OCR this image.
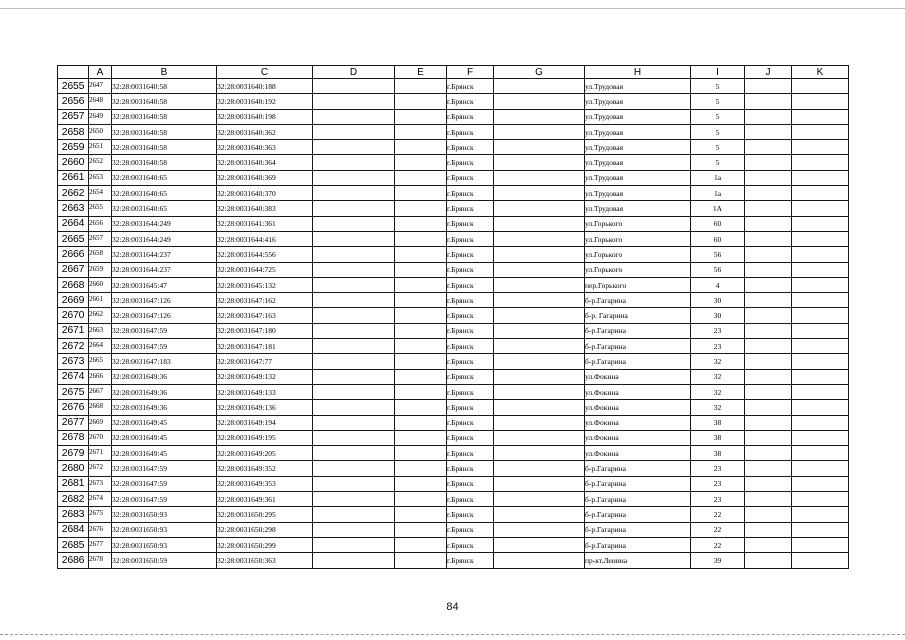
	A	B	C	D	E	F	G	H	I	J	K	
2655	2647	32:28:0031640:58	32:28:0031640:188			г.Брянск		ул.Трудовая	5			
2656	2648	32:28:0031640:58	32:28:0031640:192			г.Брянск		ул.Трудовая	5			
2657	2649	32:28:0031640:58	32:28:0031640:198			г.Брянск		ул.Трудовая	5			
2658	2650	32:28:0031640:58	32:28:0031640:362			г.Брянск		ул.Трудовая	5			
2659	2651	32:28:0031640:58	32:28:0031640:363			г.Брянск		ул.Трудовая	5			
2660	2652	32:28:0031640:58	32:28:0031640:364			г.Брянск		ул.Трудовая	5			
2661	2653	32:28:0031640:65	32:28:0031640:369			г.Брянск		ул.Трудовая	1а			
2662	2654	32:28:0031640:65	32:28:0031640:370			г.Брянск		ул.Трудовая	1а			
2663	2655	32:28:0031640:65	32:28:0031640:383			г.Брянск		ул.Трудовая	1А			
2664	2656	32:28:0031644:249	32:28:0031641:361			г.Брянск		ул.Горького	60			
2665	2657	32:28:0031644:249	32:28:0031644:416			г.Брянск		ул.Горького	60			
2666	2658	32:28:0031644:237	32:28:0031644:556			г.Брянск		ул.Горького	56			
2667	2659	32:28:0031644:237	32:28:0031644:725			г.Брянск		ул.Горького	56			
2668	2660	32:28:0031645:47	32:28:0031645:132			г.Брянск		пер.Горького	4			
2669	2661	32:28:0031647:126	32:28:0031647:162			г.Брянск		б-р.Гагарина	30			
2670	2662	32:28:0031647:126	32:28:0031647:163			г.Брянск		б-р. Гагарина	30			
2671	2663	32:28:0031647:59	32:28:0031647:180			г.Брянск		б-р.Гагарина	23			
2672	2664	32:28:0031647:59	32:28:0031647:181			г.Брянск		б-р.Гагарина	23			
2673	2665	32:28:0031647:183	32:28:0031647:77			г.Брянск		б-р.Гагарина	32			
2674	2666	32:28:0031649:36	32:28:0031649:132			г.Брянск		ул.Фокина	32			
2675	2667	32:28:0031649:36	32:28:0031649:133			г.Брянск		ул.Фокина	32			
2676	2668	32:28:0031649:36	32:28:0031649:136			г.Брянск		ул.Фокина	32			
2677	2669	32:28:0031649:45	32:28:0031649:194			г.Брянск		ул.Фокина	38			
2678	2670	32:28:0031649:45	32:28:0031649:195			г.Брянск		ул.Фокина	38			
2679	2671	32:28:0031649:45	32:28:0031649:205			г.Брянск		ул.Фокина	38			
2680	2672	32:28:0031647:59	32:28:0031649:352			г.Брянск		б-р.Гагарина	23			
2681	2673	32:28:0031647:59	32:28:0031649:353			г.Брянск		б-р.Гагарина	23			
2682	2674	32:28:0031647:59	32:28:0031649:361			г.Брянск		б-р.Гагарина	23			
2683	2675	32:28:0031650:93	32:28:0031650:295			г.Брянск		б-р.Гагарина	22			
2684	2676	32:28:0031650:93	32:28:0031650:298			г.Брянск		б-р.Гагарина	22			
2685	2677	32:28:0031650:93	32:28:0031650:299			г.Брянск		б-р.Гагарина	22			
2686	2678	32:28:0031650:59	32:28:0031650:363			г.Брянск		пр-кт.Ленина	39			
84
